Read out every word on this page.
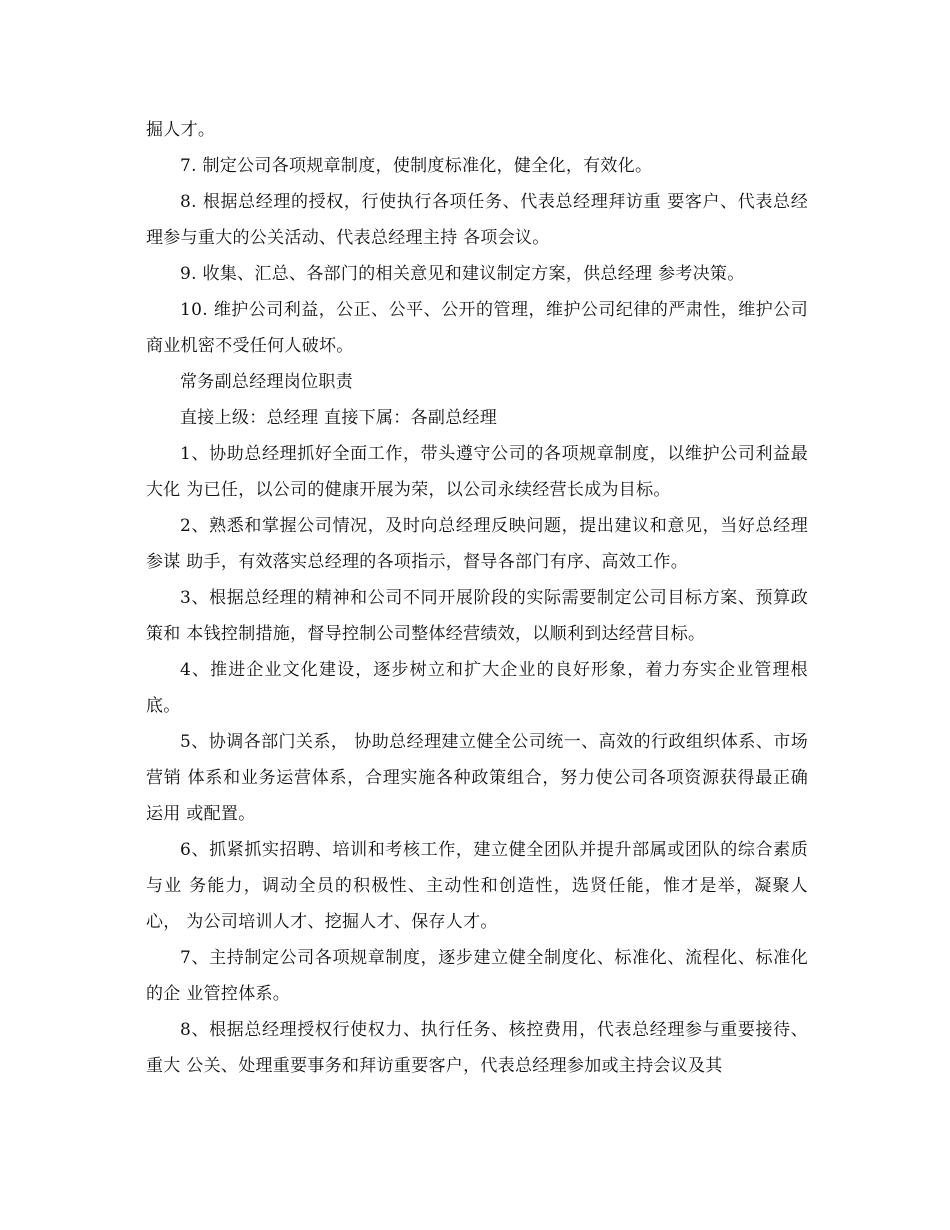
掘人才。

7. 制定公司各项规章制度，使制度标准化，健全化，有效化。

8. 根据总经理的授权，行使执行各项任务、代表总经理拜访重 要客户、代表总经理参与重大的公关活动、代表总经理主持 各项会议。

9. 收集、汇总、各部门的相关意见和建议制定方案，供总经理 参考决策。

10. 维护公司利益，公正、公平、公开的管理，维护公司纪律的严肃性，维护公司商业机密不受任何人破坏。

常务副总经理岗位职责

直接上级：总经理 直接下属：各副总经理

1、协助总经理抓好全面工作，带头遵守公司的各项规章制度，以维护公司利益最大化 为已任，以公司的健康开展为荣，以公司永续经营长成为目标。

2、熟悉和掌握公司情况，及时向总经理反映问题，提出建议和意见，当好总经理参谋 助手，有效落实总经理的各项指示，督导各部门有序、高效工作。

3、根据总经理的精神和公司不同开展阶段的实际需要制定公司目标方案、预算政策和 本钱控制措施，督导控制公司整体经营绩效，以顺利到达经营目标。

4、推进企业文化建设，逐步树立和扩大企业的良好形象，着力夯实企业管理根底。

5、协调各部门关系， 协助总经理建立健全公司统一、高效的行政组织体系、市场营销 体系和业务运营体系，合理实施各种政策组合，努力使公司各项资源获得最正确运用 或配置。

6、抓紧抓实招聘、培训和考核工作，建立健全团队并提升部属或团队的综合素质与业 务能力，调动全员的积极性、主动性和创造性，选贤任能，惟才是举，凝聚人心， 为公司培训人才、挖掘人才、保存人才。

7、主持制定公司各项规章制度，逐步建立健全制度化、标准化、流程化、标准化的企 业管控体系。

8、根据总经理授权行使权力、执行任务、核控费用，代表总经理参与重要接待、重大 公关、处理重要事务和拜访重要客户，代表总经理参加或主持会议及其
